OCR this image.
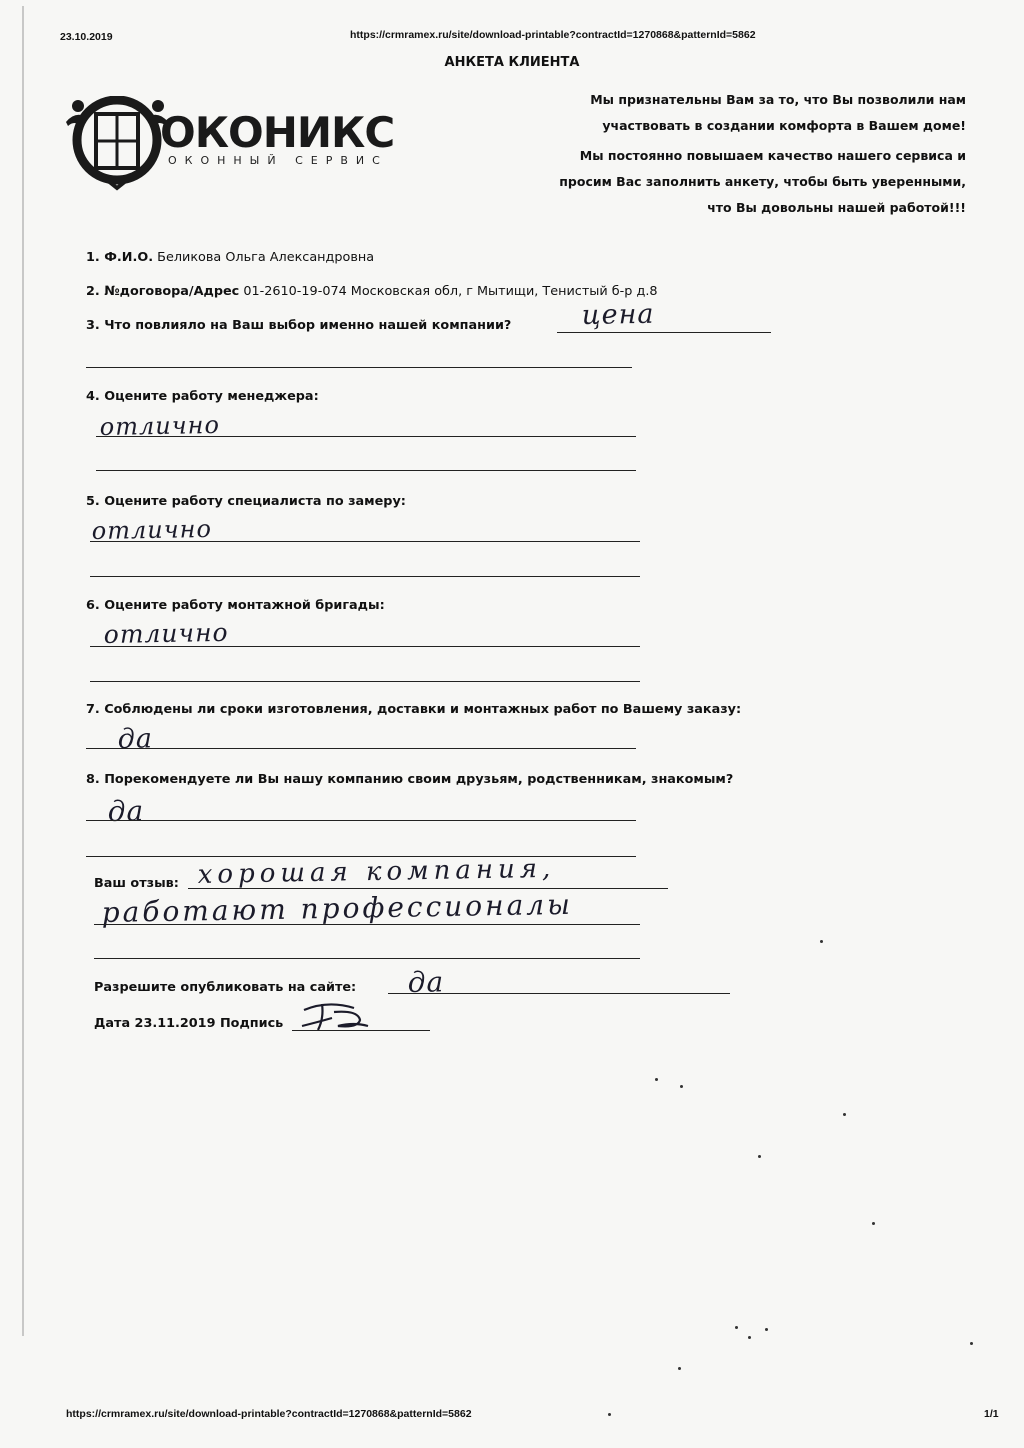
23.10.2019	https://crmramex.ru/site/download-printable?contractId=1270868&patternId=5862
АНКЕТА КЛИЕНТА
ОКОНИКС
ОКОННЫЙ СЕРВИС
Мы признательны Вам за то, что Вы позволили нам
участвовать в создании комфорта в Вашем доме!
Мы постоянно повышаем качество нашего сервиса и
просим Вас заполнить анкету, чтобы быть уверенными,
что Вы довольны нашей работой!!!
1. Ф.И.О. Беликова Ольга Александровна
2. №договора/Адрес 01-2610-19-074 Московская обл, г Мытищи, Тенистый б-р д.8
3. Что повлияло на Ваш выбор именно нашей компании?	цена
4. Оцените работу менеджера:
отлично
5. Оцените работу специалиста по замеру:
отлично
6. Оцените работу монтажной бригады:
отлично
7. Соблюдены ли сроки изготовления, доставки и монтажных работ по Вашему заказу:
да
8. Порекомендуете ли Вы нашу компанию своим друзьям, родственникам, знакомым?
да
Ваш отзыв: хорошая компания,
работают профессионалы
Разрешите опубликовать на сайте: да
Дата 23.11.2019 Подпись
https://crmramex.ru/site/download-printable?contractId=1270868&patternId=5862	1/1
